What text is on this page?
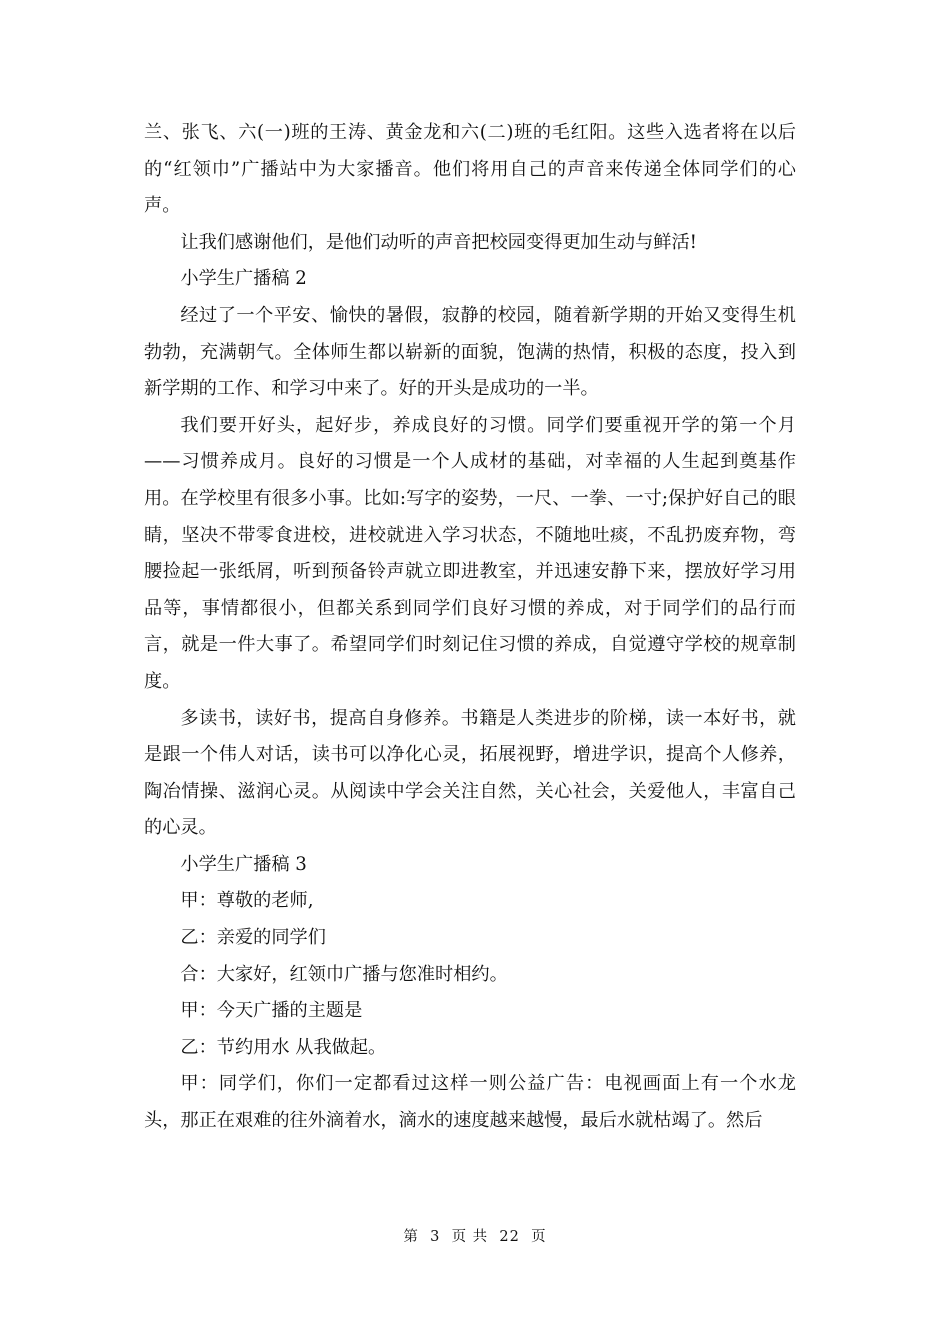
兰、张飞、六(一)班的王涛、黄金龙和六(二)班的毛红阳。这些入选者将在以后的“红领巾”广播站中为大家播音。他们将用自己的声音来传递全体同学们的心声。

让我们感谢他们，是他们动听的声音把校园变得更加生动与鲜活!

小学生广播稿 2

经过了一个平安、愉快的暑假，寂静的校园，随着新学期的开始又变得生机勃勃，充满朝气。全体师生都以崭新的面貌，饱满的热情，积极的态度，投入到新学期的工作、和学习中来了。好的开头是成功的一半。

我们要开好头，起好步，养成良好的习惯。同学们要重视开学的第一个月——习惯养成月。良好的习惯是一个人成材的基础，对幸福的人生起到奠基作用。在学校里有很多小事。比如:写字的姿势，一尺、一拳、一寸;保护好自己的眼睛，坚决不带零食进校，进校就进入学习状态，不随地吐痰，不乱扔废弃物，弯腰捡起一张纸屑，听到预备铃声就立即进教室，并迅速安静下来，摆放好学习用品等，事情都很小，但都关系到同学们良好习惯的养成，对于同学们的品行而言，就是一件大事了。希望同学们时刻记住习惯的养成，自觉遵守学校的规章制度。

多读书，读好书，提高自身修养。书籍是人类进步的阶梯，读一本好书，就是跟一个伟人对话，读书可以净化心灵，拓展视野，增进学识，提高个人修养，陶冶情操、滋润心灵。从阅读中学会关注自然，关心社会，关爱他人，丰富自己的心灵。

小学生广播稿 3

甲：尊敬的老师,

乙：亲爱的同学们

合：大家好，红领巾广播与您准时相约。

甲：今天广播的主题是

乙：节约用水 从我做起。

甲：同学们，你们一定都看过这样一则公益广告：电视画面上有一个水龙头，那正在艰难的往外滴着水，滴水的速度越来越慢，最后水就枯竭了。然后

第  3  页 共  22  页
